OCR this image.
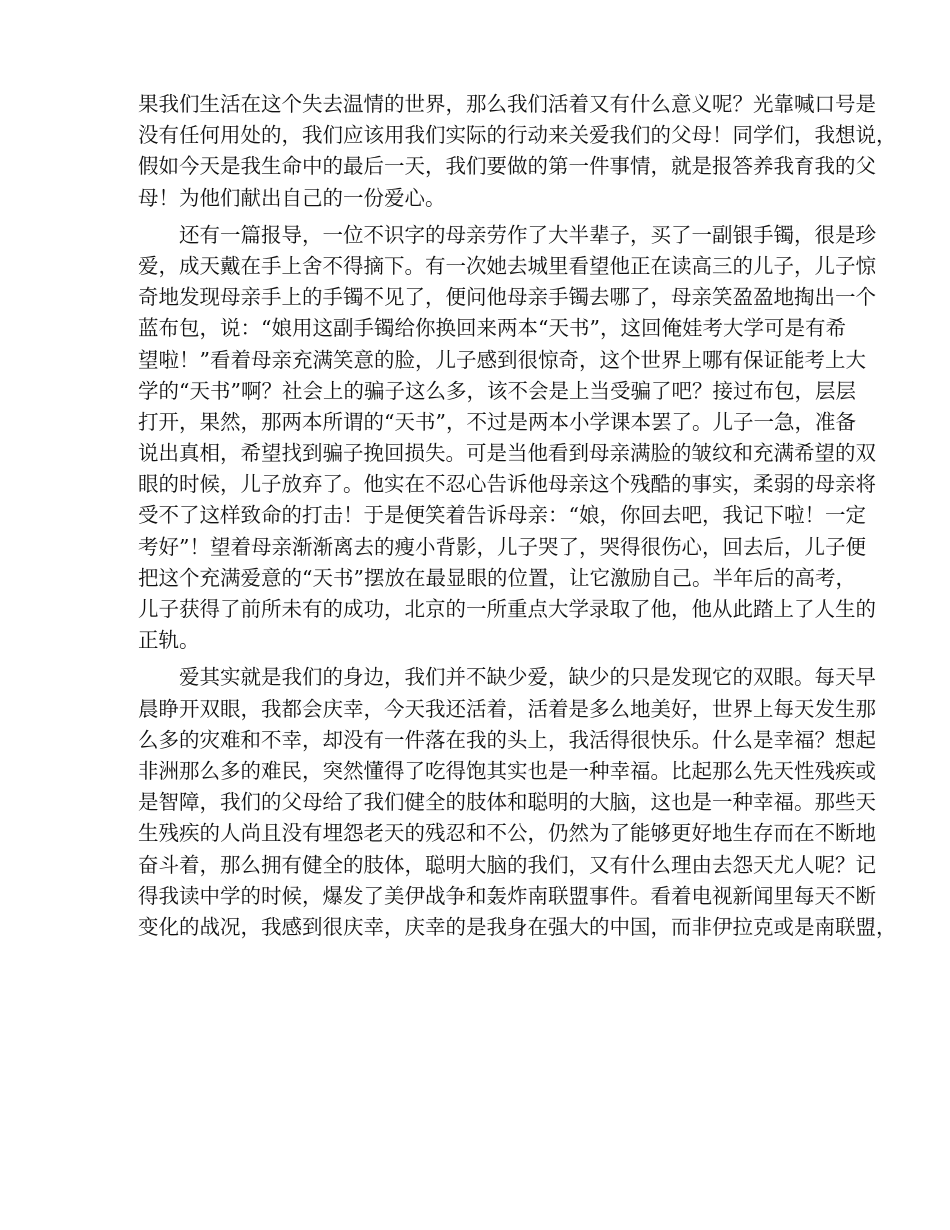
果我们生活在这个失去温情的世界，那么我们活着又有什么意义呢？光靠喊口号是
没有任何用处的，我们应该用我们实际的行动来关爱我们的父母！同学们，我想说，
假如今天是我生命中的最后一天，我们要做的第一件事情，就是报答养我育我的父
母！为他们献出自己的一份爱心。
还有一篇报导，一位不识字的母亲劳作了大半辈子，买了一副银手镯，很是珍
爱，成天戴在手上舍不得摘下。有一次她去城里看望他正在读高三的儿子，儿子惊
奇地发现母亲手上的手镯不见了，便问他母亲手镯去哪了，母亲笑盈盈地掏出一个
蓝布包，说：“娘用这副手镯给你换回来两本“天书”，这回俺娃考大学可是有希
望啦！”看着母亲充满笑意的脸，儿子感到很惊奇，这个世界上哪有保证能考上大
学的“天书”啊？社会上的骗子这么多，该不会是上当受骗了吧？接过布包，层层
打开，果然，那两本所谓的“天书”，不过是两本小学课本罢了。儿子一急，准备
说出真相，希望找到骗子挽回损失。可是当他看到母亲满脸的皱纹和充满希望的双
眼的时候，儿子放弃了。他实在不忍心告诉他母亲这个残酷的事实，柔弱的母亲将
受不了这样致命的打击！于是便笑着告诉母亲：“娘，你回去吧，我记下啦！一定
考好”！望着母亲渐渐离去的瘦小背影，儿子哭了，哭得很伤心，回去后，儿子便
把这个充满爱意的“天书”摆放在最显眼的位置，让它激励自己。半年后的高考，
儿子获得了前所未有的成功，北京的一所重点大学录取了他，他从此踏上了人生的
正轨。
爱其实就是我们的身边，我们并不缺少爱，缺少的只是发现它的双眼。每天早
晨睁开双眼，我都会庆幸，今天我还活着，活着是多么地美好，世界上每天发生那
么多的灾难和不幸，却没有一件落在我的头上，我活得很快乐。什么是幸福？想起
非洲那么多的难民，突然懂得了吃得饱其实也是一种幸福。比起那么先天性残疾或
是智障，我们的父母给了我们健全的肢体和聪明的大脑，这也是一种幸福。那些天
生残疾的人尚且没有埋怨老天的残忍和不公，仍然为了能够更好地生存而在不断地
奋斗着，那么拥有健全的肢体，聪明大脑的我们，又有什么理由去怨天尤人呢？记
得我读中学的时候，爆发了美伊战争和轰炸南联盟事件。看着电视新闻里每天不断
变化的战况，我感到很庆幸，庆幸的是我身在强大的中国，而非伊拉克或是南联盟，
